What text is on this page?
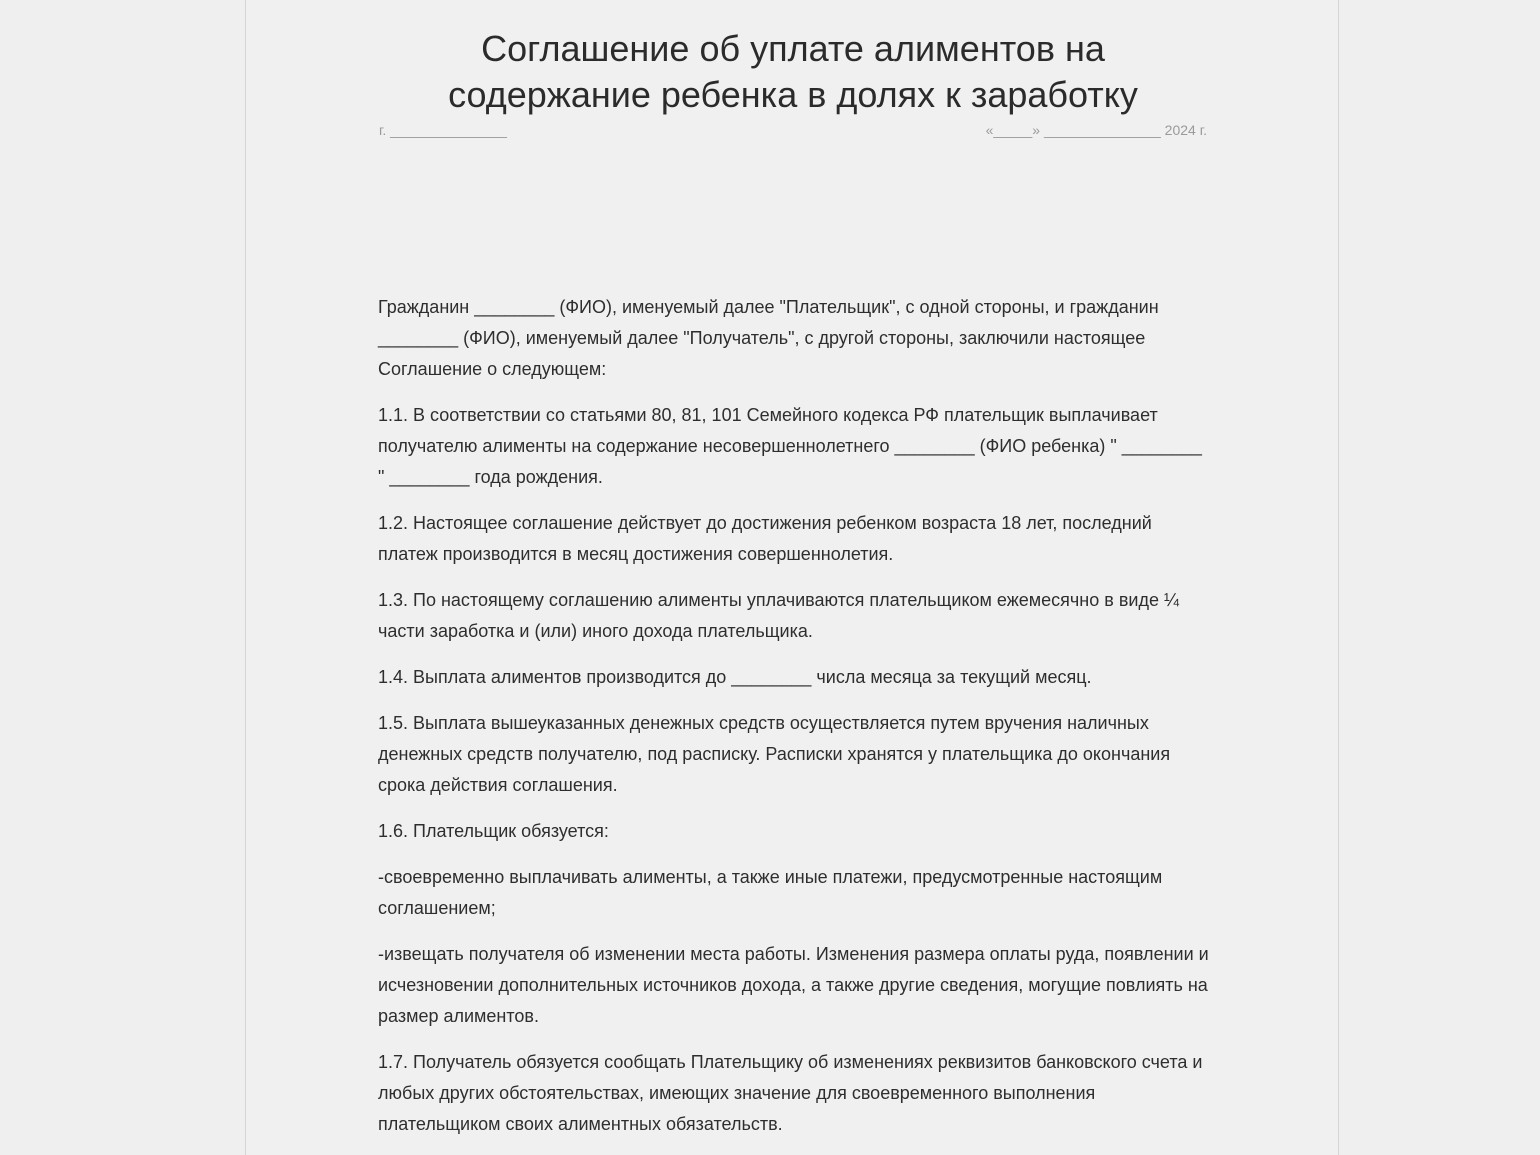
Соглашение об уплате алиментов на
содержание ребенка в долях к заработку
г. _______________	«_____» _______________ 2024 г.

Гражданин ________ (ФИО), именуемый далее "Плательщик", с одной стороны, и гражданин ________ (ФИО), именуемый далее "Получатель", с другой стороны, заключили настоящее Соглашение о следующем:

1.1. В соответствии со статьями 80, 81, 101 Семейного кодекса РФ плательщик выплачивает получателю алименты на содержание несовершеннолетнего ________ (ФИО ребенка) " ________ " ________ года рождения.

1.2. Настоящее соглашение действует до достижения ребенком возраста 18 лет, последний платеж производится в месяц достижения совершеннолетия.

1.3. По настоящему соглашению алименты уплачиваются плательщиком ежемесячно в виде ¼ части заработка и (или) иного дохода плательщика.

1.4. Выплата алиментов производится до ________ числа месяца за текущий месяц.

1.5. Выплата вышеуказанных денежных средств осуществляется путем вручения наличных денежных средств получателю, под расписку. Расписки хранятся у плательщика до окончания срока действия соглашения.

1.6. Плательщик обязуется:

-своевременно выплачивать алименты, а также иные платежи, предусмотренные настоящим соглашением;

-извещать получателя об изменении места работы. Изменения размера оплаты руда, появлении и исчезновении дополнительных источников дохода, а также другие сведения, могущие повлиять на размер алиментов.

1.7. Получатель обязуется сообщать Плательщику об изменениях реквизитов банковского счета и любых других обстоятельствах, имеющих значение для своевременного выполнения плательщиком своих алиментных обязательств.
